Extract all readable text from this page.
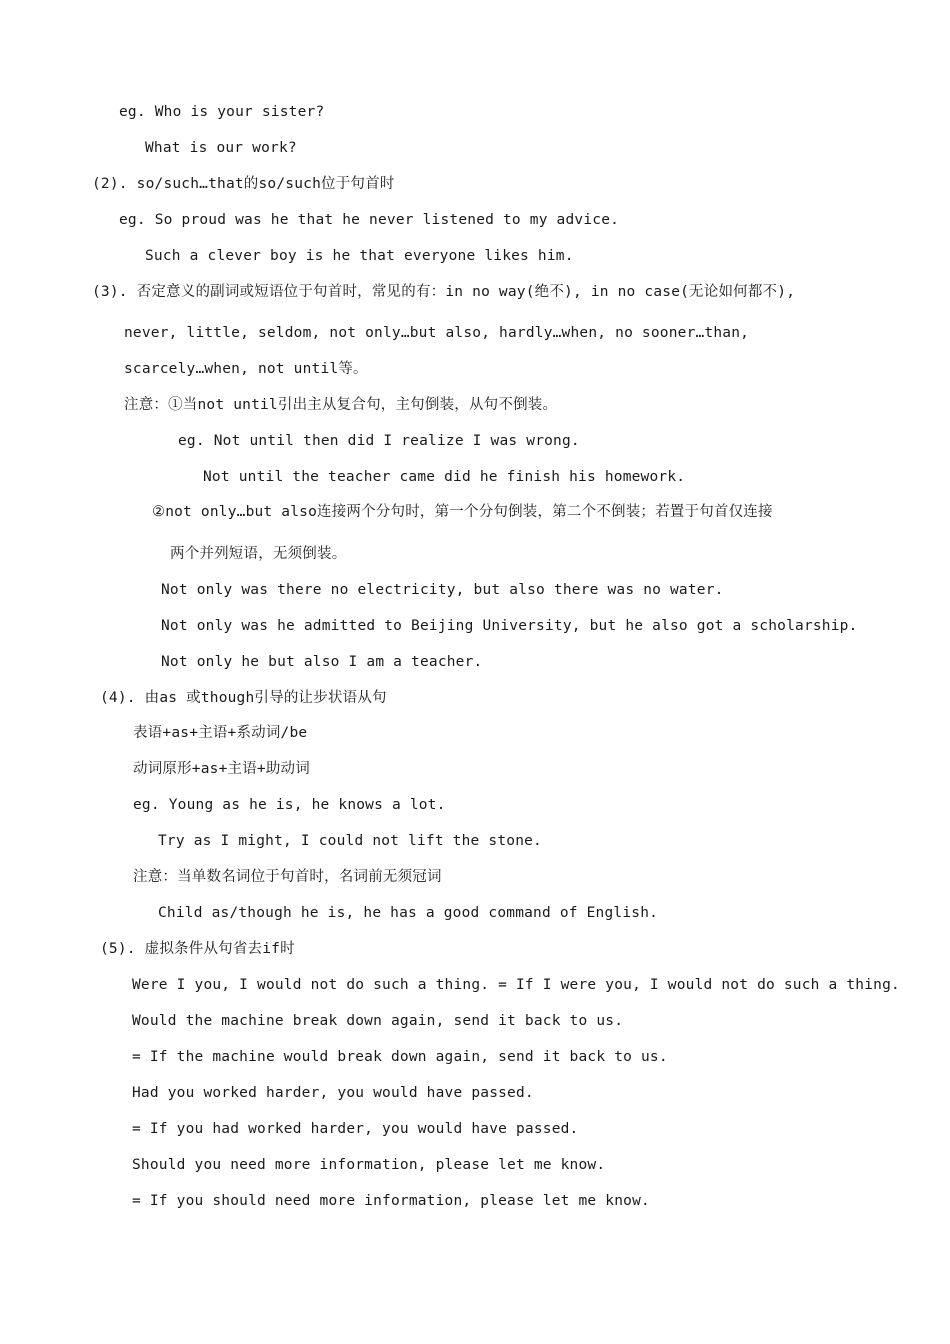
eg. Who is your sister?
What is our work?
(2). so/such…that的so/such位于句首时
eg. So proud was he that he never listened to my advice.
Such a clever boy is he that everyone likes him.
(3). 否定意义的副词或短语位于句首时，常见的有：in no way(绝不), in no case(无论如何都不),
never, little, seldom, not only…but also, hardly…when, no sooner…than,
scarcely…when, not until等。
注意：①当not until引出主从复合句，主句倒装，从句不倒装。
eg. Not until then did I realize I was wrong.
Not until the teacher came did he finish his homework.
②not only…but also连接两个分句时，第一个分句倒装，第二个不倒装；若置于句首仅连接
两个并列短语，无须倒装。
Not only was there no electricity, but also there was no water.
Not only was he admitted to Beijing University, but he also got a scholarship.
Not only he but also I am a teacher.
(4). 由as 或though引导的让步状语从句
表语+as+主语+系动词/be
动词原形+as+主语+助动词
eg. Young as he is, he knows a lot.
Try as I might, I could not lift the stone.
注意：当单数名词位于句首时，名词前无须冠词
Child as/though he is, he has a good command of English.
(5). 虚拟条件从句省去if时
Were I you, I would not do such a thing. = If I were you, I would not do such a thing.
Would the machine break down again, send it back to us.
= If the machine would break down again, send it back to us.
Had you worked harder, you would have passed.
= If you had worked harder, you would have passed.
Should you need more information, please let me know.
= If you should need more information, please let me know.
